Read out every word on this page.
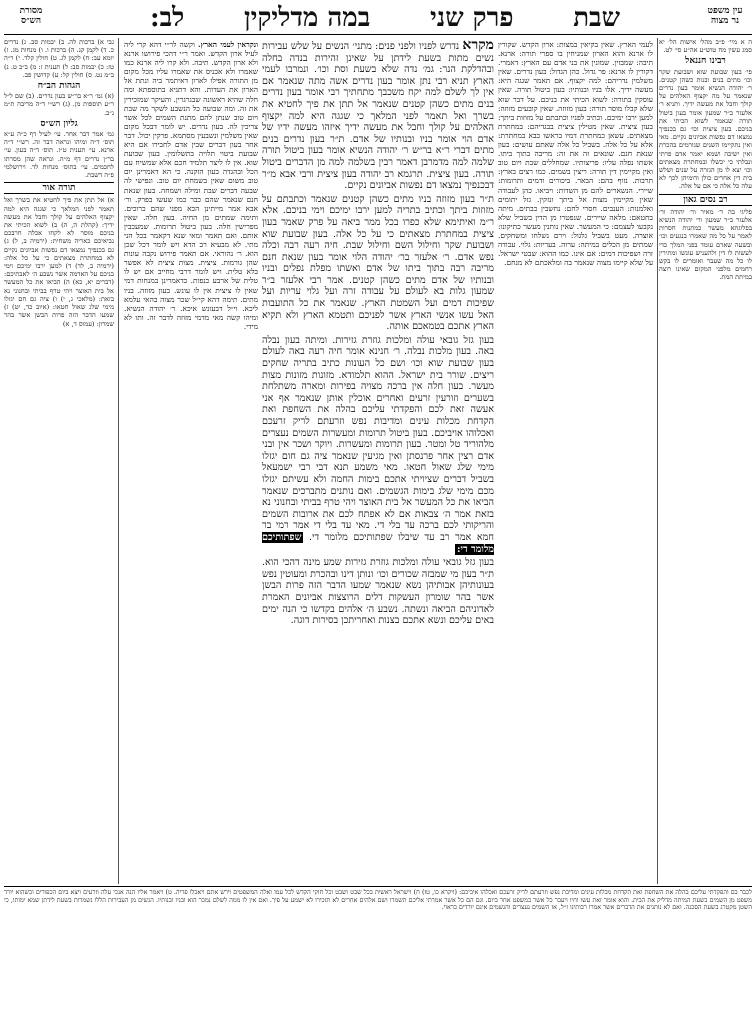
עין משפט
נר מצוה
שבת
פרק שני
במה מדליקין
לב:
מסורת
הש״ס

ה א מיי׳ פ״ב מהל׳ אישות הל׳ יא סמג עשין מח טוש״ע אה״ע סי׳ לט.

רבינו חננאל

פי׳ בעון שבועת שוא ושבועת שקר וכו׳ מתים בנים ובנות כשהן קטנים. ר׳ יהודה הנשיא אומר בעון נדרים שנאמר על מה יקצוף האלהים על קולך וחבל את מעשה ידיך. ותניא ר׳ אלעזר ב״ר שמעון אומר בעון ביטול תורה שנאמר לשוא הכיתי את בניכם. בעון ציצית וכו׳ גם בכנפיך נמצאו דם נפשות אביונים נקיים. מאי ואין נתקיימו השנים שגורמים בהכרת ואין ישיבה ושמא יאמר אדם פרתי ונבלתי כי יכשלו ובמחתרת מצאתים וכו׳ יצא לו מן הגזרה על שנים ושלש בית דין אחרים כולן ודומיהן לכך לא עלה כל אלה כי אם על אלה.

רב נסים גאון

פליגי בה ר׳ מאיר ור׳ יהודה ור׳ אלעזר ב״ר שמעון ור׳ יהודה הנשיא בפלוגתא מעשר כמתנות חסרות לאמר על כל מה שאמרו בנגעים וכו׳ ובשעה שאדם עומד בפני המלך כדי לעשות לו דין ולהעניש עונשו ומתירין לו כל מה שעבר ואומרים לו בקש רחמים מלפני המקום שאינו רוצה במיתת המת.

לעמי הארץ. שאין בקיאין במצות: ארון הקדש. שקורין לו ארנא והוא הארון שמניחין בו ספרי תורה: ארנא. תיבה: שמבזין. שמונין את בני אדם עם הארץ: דאמרי. דקורין לו ארנא: פר גדול. כהן הגדול: בעון נדרים. שאין משלמין נדריהם: למה יקצוף. אם תאמר שגגה היא: מעשה ידיך. אלו בניו ובנותיו: בעון ביטול תורה. שאין עוסקין בתורה: לשוא הכיתי את בניכם. על דבר שוא שלא קבלו מוסר תורה: בעון מזוזה. שאין קובעים מזוזה: למען ירבו ימיכם. וכתיב לפניו וכתבתם על מזוזות ביתך: בעון ציצית. שאין מטילין ציצית בבגדיהם: במחתרת מצאתים. עשאן כמחתרת דמיו בראשו כבא במחתרת: אלא על כל אלה. בשביל כל אלה שאתם עושים: בעון שנאת חנם. שונאים זה את זה: מריבה בתוך ביתו. אשתו נפלה עליו: פריצותיו. שמחללים שבת ויום טוב ואין מקיימין דין תורה: ריצין בשמים. כמו רצים בארץ: תרבות. נזוף בהם: הבאר. ביכורים ודמים ותרומות: שיירי. הנשארים להם מן השדות: ויביאו. כהן לעבודה שאין מקיימין מצות אל ביתך ונזקין. גזל יתומים ואלמנות: הענבים. חסרי לחם: נחשבין כבתים. מיתה בחטאם: מלאה שיירים. שנפטרו מן הדין בשביל שלא נקבעו לעצמם: כי המעשר. שאין נותנין מעשר כתיקונו: אוצרה. מעט בשביל גלגול: וירם נשלחו ומשחקים. שמתים מן הכלים במיתה: ערוה. בעריות: גלוי. עבודה זרה ושפיכות דמים: אם אינו. כמו ההוא: שבטי ישראל. על שלא קיימו מצוה שנאמר בה ומלאכתם לא מנחם.

מקרא נדרש לפניו ולפני פנים: מתני׳ הנשים על שלש עבירות נשים מתות בשעת לידתן על שאינן זהירות בנדה בחלה ובהדלקת הנר: גמ׳ נדה שלא בשעת וסת וכו׳. ונמרבו לעמי הארץ תניא רבי נתן אומר בעון נדרים אשה מתה שנאמר אם אין לך לשלם למה יקח משכבך מתחתיך רבי אומר בעון נדרים בנים מתים כשהן קטנים שנאמר אל תתן את פיך לחטיא את בשרך ואל תאמר לפני המלאך כי שגגה היא למה יקצוף האלהים על קולך וחבל את מעשה ידיך איזהו מעשה ידיו של אדם הוי אומר בניו ובנותיו של אדם. ת״ר בעון נדרים בנים מתים דברי ר״א בר״ש ר׳ יהודה הנשיא אומר בעון ביטול תורה שלמה למה מדמרבן דאמר רבין בשלמה למה מן הדברים ביטול תורה. בעון ציצית. תרגמא רב יהודה בעון ציצית ורבי אבא מ״ר דבכנפיך נמצאו דם נפשות אביונים נקיים.

ת״ר בעון מזוזה בניו מתים כשהן קטנים שנאמר וכתבתם על מזוזות ביתך וכתיב בתריה למען ירבו ימיכם וימי בניכם. אלא ר״מ ואיתימא שלא כפרו בכל ממר ביאה על פרק שאמר בעון ציצית במחתרת מצאתים כי על כל אלה. בעון שבועת שוא ושבועת שקר וחילול השם וחילול שבת. חיה רעה רבה וכלה נפש אדם. ר׳ אלעזר בר׳ יהודה הלוי אומר בעון שנאת חנם מריבה רבה בתוך ביתו של אדם ואשתו מפלת נפלים ובניו ובנותיו של אדם מתים כשהן קטנים. אמר רבי אלעזר ב״ר שמעון גלות בא לעולם על עבודה זרה ועל גלוי עריות ועל שפיכות דמים ועל השמטת הארץ. שנאמר את כל התועבות האל עשו אנשי הארץ אשר לפניכם ותטמא הארץ ולא תקיא הארץ אתכם בטמאכם אותה.

בעון גזל גובאי עולה ומלכות גוזרת גזירות. ומיתה בעון נבלה באה. בעון מלכות נבלה. ר׳ חנינא אומר חיה רעה באה לעולם בעון שבועת שוא וכו׳ ושם כל העונות כתיב בתריה שחקים ריצים. שורר בית ישראל. ההוא תלמודא. מזונות מזונות מצות מעשר. בעון חלה אין ברכה מצויה בפירות ומארה משתלחת בשערים וזורעין זרעים ואחרים אוכלין אותן שנאמר אף אני אעשה זאת לכם והפקדתי עליכם בהלה את השחפת ואת הקדחת מכלות עינים ומדיבות נפש וזרעתם לריק זרעכם ואכלוהו אויביכם. בעון ביטול תרומות ומעשרות השמים נעצרים מלהוריד טל ומטר. בעון תרומות ומעשרות. ויוקר ושכר אין ובני אדם רצין אחר פרנסתן ואין מגיעין שנאמר ציה גם חום יגזלו מימי שלג שאול חטאו. מאי משמע תנא דבי רבי ישמעאל בשביל דברים שציויתי אתכם בימות החמה ולא עשיתם יגזלו מכם מימי שלג בימות הגשמים. ואם נותנים מתברכים שנאמר הביאו את כל המעשר אל בית האוצר ויהי טרף בביתי ובחנוני נא בזאת אמר ה׳ צבאות אם לא אפתח לכם את ארובות השמים והריקותי לכם ברכה עד בלי די. מאי עד בלי די אמר רמי בר חמא אמר רב עד שיבלו שפתותיכם מלומר די. שפתותיכם מלומר די:

בעון גזל גובאי עולה ומלכות גוזרת גזירות שמע מינה דהכי הוא. ת״ר בעון מי שמבזה שכורים וכו׳ ונותן דינו ובהכרת ומעוטין נפש בעונותיהן אבותיהן נשא שנאמר שמעו הדבר הזה פרות הבשן אשר בהר שומרון העשקות דלים הרוצצות אביונים האמרת לאדוניהם הביאה ונשתה. נשבע ה׳ אלהים בקדשו כי הנה ימים באים עליכם ונשא אתכם בצנות ואחריתכן בסירות דוגה.

ונקראין לעמי הארץ. וקשה לר״י דהא קרי ליה לעיל ארון הקדש. ואמר ר״י דהכי פירושו ארנא ולא ארון הקדש. תיבה. ולא קרו ליה ארנא כמו שאמרו ולא אכניס את שאמרו עליו מכל מקום מן התורה אפילו לארון דאיתמר ביה ונתת אל הארון את העדות. והא דתניא בתוספתא ומה חלה שהיא ראשונה שבגרגרין. והעיקר שמזכירין את זה. ומה שבועה כל הנשבע לשקר מה שבת ויום טוב שנתן להם מתנת השמים לכל אשר צריכין לה. בעון נדרים. יש לומר דבכל מקום שאין משלמין ונשבעין מסתמא. פרקין יכול. דבר אחר בעון דברים שבין אדם לחבירו אם היא שבועת ביטוי תלויה בתשלומין. בעון שבועת שוא. אין לו ליצר תלמיד חכם אלא שמשיח עם הכל ובהגדה בעון הזקנה. כי הא דאמרינן יום טוב משום שאין בשמחת יום טוב. ונפישי לה שבעה דברים שבת ומילה ושמחה. בעון שנאת חנם שנאמר שהם כבר כמו שעשו בפרק. ור׳ אבא אמר מייתינן הכא מפני שהם כרוכים. ותימה שמתים מן החיה. בעון חלה. שאין מפרישין חלה. בעון ביטול תרומות. שמעכבין אותם. ואם תאמר ומאי שנא דקאמר בכל הני מתי. לא מבעיא רב הדא ויש לומר דכל שכן הוא. ר׳ נהוראי. אם תאמר פירוש נקבה עונות שהן גורמות. ציצית. מצות ציצית לא אפשר בלא טלית. ויש לומר דרבי מחייב אם יש לו טלית של ארבע כנפות. כדאמרינן במנחות דמי שאין לו ציצית אין לו עונש. בעון מזוזה. בניו מתים. תימה דהא קי״ל שכר מצוה בהאי עלמא ליכא. וי״ל דבעונש איכא. ר׳ יהודה הנשיא. ומיהו קשה מאי מדמי מזוזה לדבר זה. ותו לא מידי.

גבי א) ברכות לה. ב) יבמות סב. ג) נדרים כ. ד) לקמן קנ. ה) ברכות ו. ו) מנחות מג. ז) יומא עב: ח) לקמן לג. ט) חולין קלד. י) ר״ה טז: כ) יבמות סב: ל) תענית ז: מ) ב״ב ט. נ) ב״מ נט. ס) חולין קל: ע) קדושין פב.

הגהות הב״ח

(א) גמ׳ ר״א בר״ש בעון נדרים. (ב) שם ל״ל ר״ע תוספות מן. (ג) רש״י ד״ה מריבה ת״מ נ״ב.

גליון הש״ס

גמ׳ אמר דבר אחר. עי׳ לעיל דף כ״ה ע״א תוס׳ ד״ה ומיהו ונראה דבר זה. רש״י ד״ה ארנא. עי׳ תענית ט״ז. תוס׳ ד״ה בעון. עי׳ בר״ן נדרים דף מ״ה. ונראה שהן מסרתו לחכמים. עי׳ בתוס׳ מנחות לד. וירושלמי פ״ה דשבת.

תורה אור

א) אל תתן את פיך לחטיא את בשרך ואל תאמר לפני המלאך כי שגגה היא למה יקצוף האלהים על קולך וחבל את מעשה ידיך: (קהלת ה, ה) ב) לשוא הכיתי את בניכם מוסר לא לקחו אכלה חרבכם נביאיכם כאריה משחית: (ירמיה ב, ל) ג) גם בכנפיך נמצאו דם נפשות אביונים נקיים לא במחתרת מצאתים כי על כל אלה: (ירמיה ב, לד) ד) למען ירבו ימיכם וימי בניכם על האדמה אשר נשבע ה׳ לאבתיכם: (דברים יא, כא) ה) הביאו את כל המעשר אל בית האוצר ויהי טרף בביתי ובחנוני נא בזאת: (מלאכי ג, י) ו) ציה גם חם יגזלו מימי שלג שאול חטאו: (איוב כד, יט) ז) שמעו הדבר הזה פרות הבשן אשר בהר שמרון: (עמוס ד, א)

לכבר בם והפקדתי עליכם בהלה את השחפת ואת הקדחת מכלות עינים ומדיבת נפש וזרעתם לריק זרעכם ואכלהו איביכם: (ויקרא כו, טז) ח) וישראל ראשית בכל שבט ושבט וכל חוקי הקדש לכל עמו ואלה המשפטים וירש אתם ויאכלו פריה. ט) ויאמר אליו הנה אנכי עלה וזרעים ויצא ביום הכפורים וכשהוא יורד משפט מן השמים בשעת המיתה מדליק את הבית. והוא אומר זאת עשו וחיו ויעבר כל אשר במשפט אחר ביום. וגם הם כל אשר אמרתי אליכם תשמרו ושם אלהים אחרים לא תזכירו לא ישמע על פיך. ואם אין לו ממה לשלם נמכר הוא ובניו ובנותיו. הנשים מן העבירות הללו נשמרות בשעת לידתן שמא ימותו, כי השטן מקטרג בשעת הסכנה. ואם לא נותנים את הדברים אשר אמרו רבותינו ז״ל, אז השמים נעצרים והגשמים אינם יורדים כראוי.
